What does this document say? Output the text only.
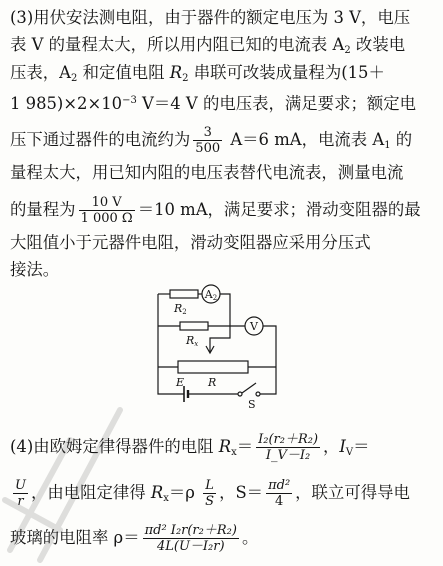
(3)用伏安法测电阻，由于器件的额定电压为 3 V，电压
表 V 的量程太大，所以用内阻已知的电流表 $A_2$ 改装电
压表，$A_2$ 和定值电阻 $R_2$ 串联可改装成量程为(15＋
1 $985)\times 2\times 10^{-3}$ V＝4 V 的电压表，满足要求；额定电
压下通过器件的电流约为 $\frac{3}{500} A=6$ mA，电流表 $A_1$ 的
量程太大，用已知内阻的电压表替代电流表，测量电流
的量程为 $\frac{10 V}{1 000 \Omega} =10$ mA，满足要求；滑动变阻器的最
大阻值小于元器件电阻，滑动变阻器应采用分压式
接法。
A2
V
R2
Rx
R
E
S
(4)由欧姆定律得器件的电阻 $R_x= \frac{\text{I₂(r₂＋R₂)}}{\text{I\_V－I₂}}$ ，$I_V=$
$\frac{U}{r}$ ，由电阻定律得 $R_x=\rho \frac{L}{S}$ ，$S= \frac{\text{πd²}}{4}$ ，联立可得导电
玻璃的电阻率 $\rho= \frac{\text{πd² I₂r(r₂＋R₂)}}{\text{4L(U－I₂r)}}$ 。
